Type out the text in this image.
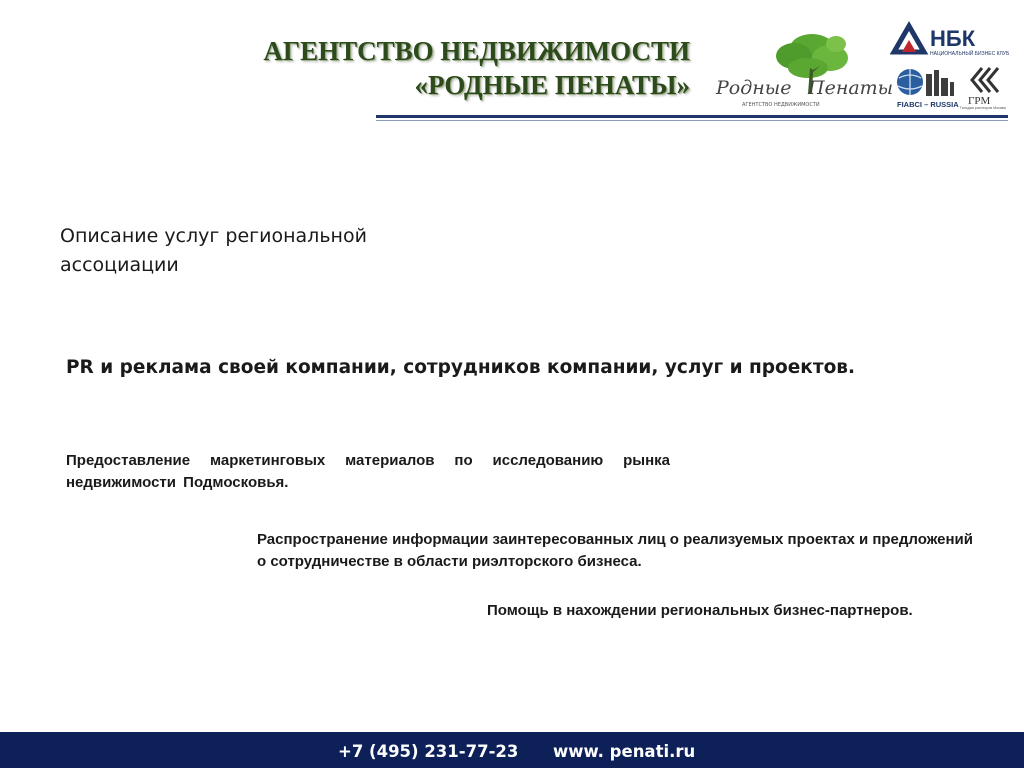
АГЕНТСТВО НЕДВИЖИМОСТИ
«РОДНЫЕ ПЕНАТЫ» Родные Пенаты
АГЕНТСТВО НЕДВИЖИМОСТИ
НБК
НАЦИОНАЛЬНЫЙ БИЗНЕС КЛУБ
FIABCI – RUSSIA ГРМ
Гильдия риэлторов Москвы
Описание услуг региональной ассоциации
PR и реклама своей компании, сотрудников компании, услуг и проектов.
Предоставление маркетинговых материалов по исследованию рынка недвижимости Подмосковья.
Распространение информации заинтересованных лиц о реализуемых проектах и предложений о сотрудничестве в области риэлторского бизнеса.
Помощь в нахождении региональных бизнес-партнеров.
+7 (495) 231-77-23 www. penati.ru
